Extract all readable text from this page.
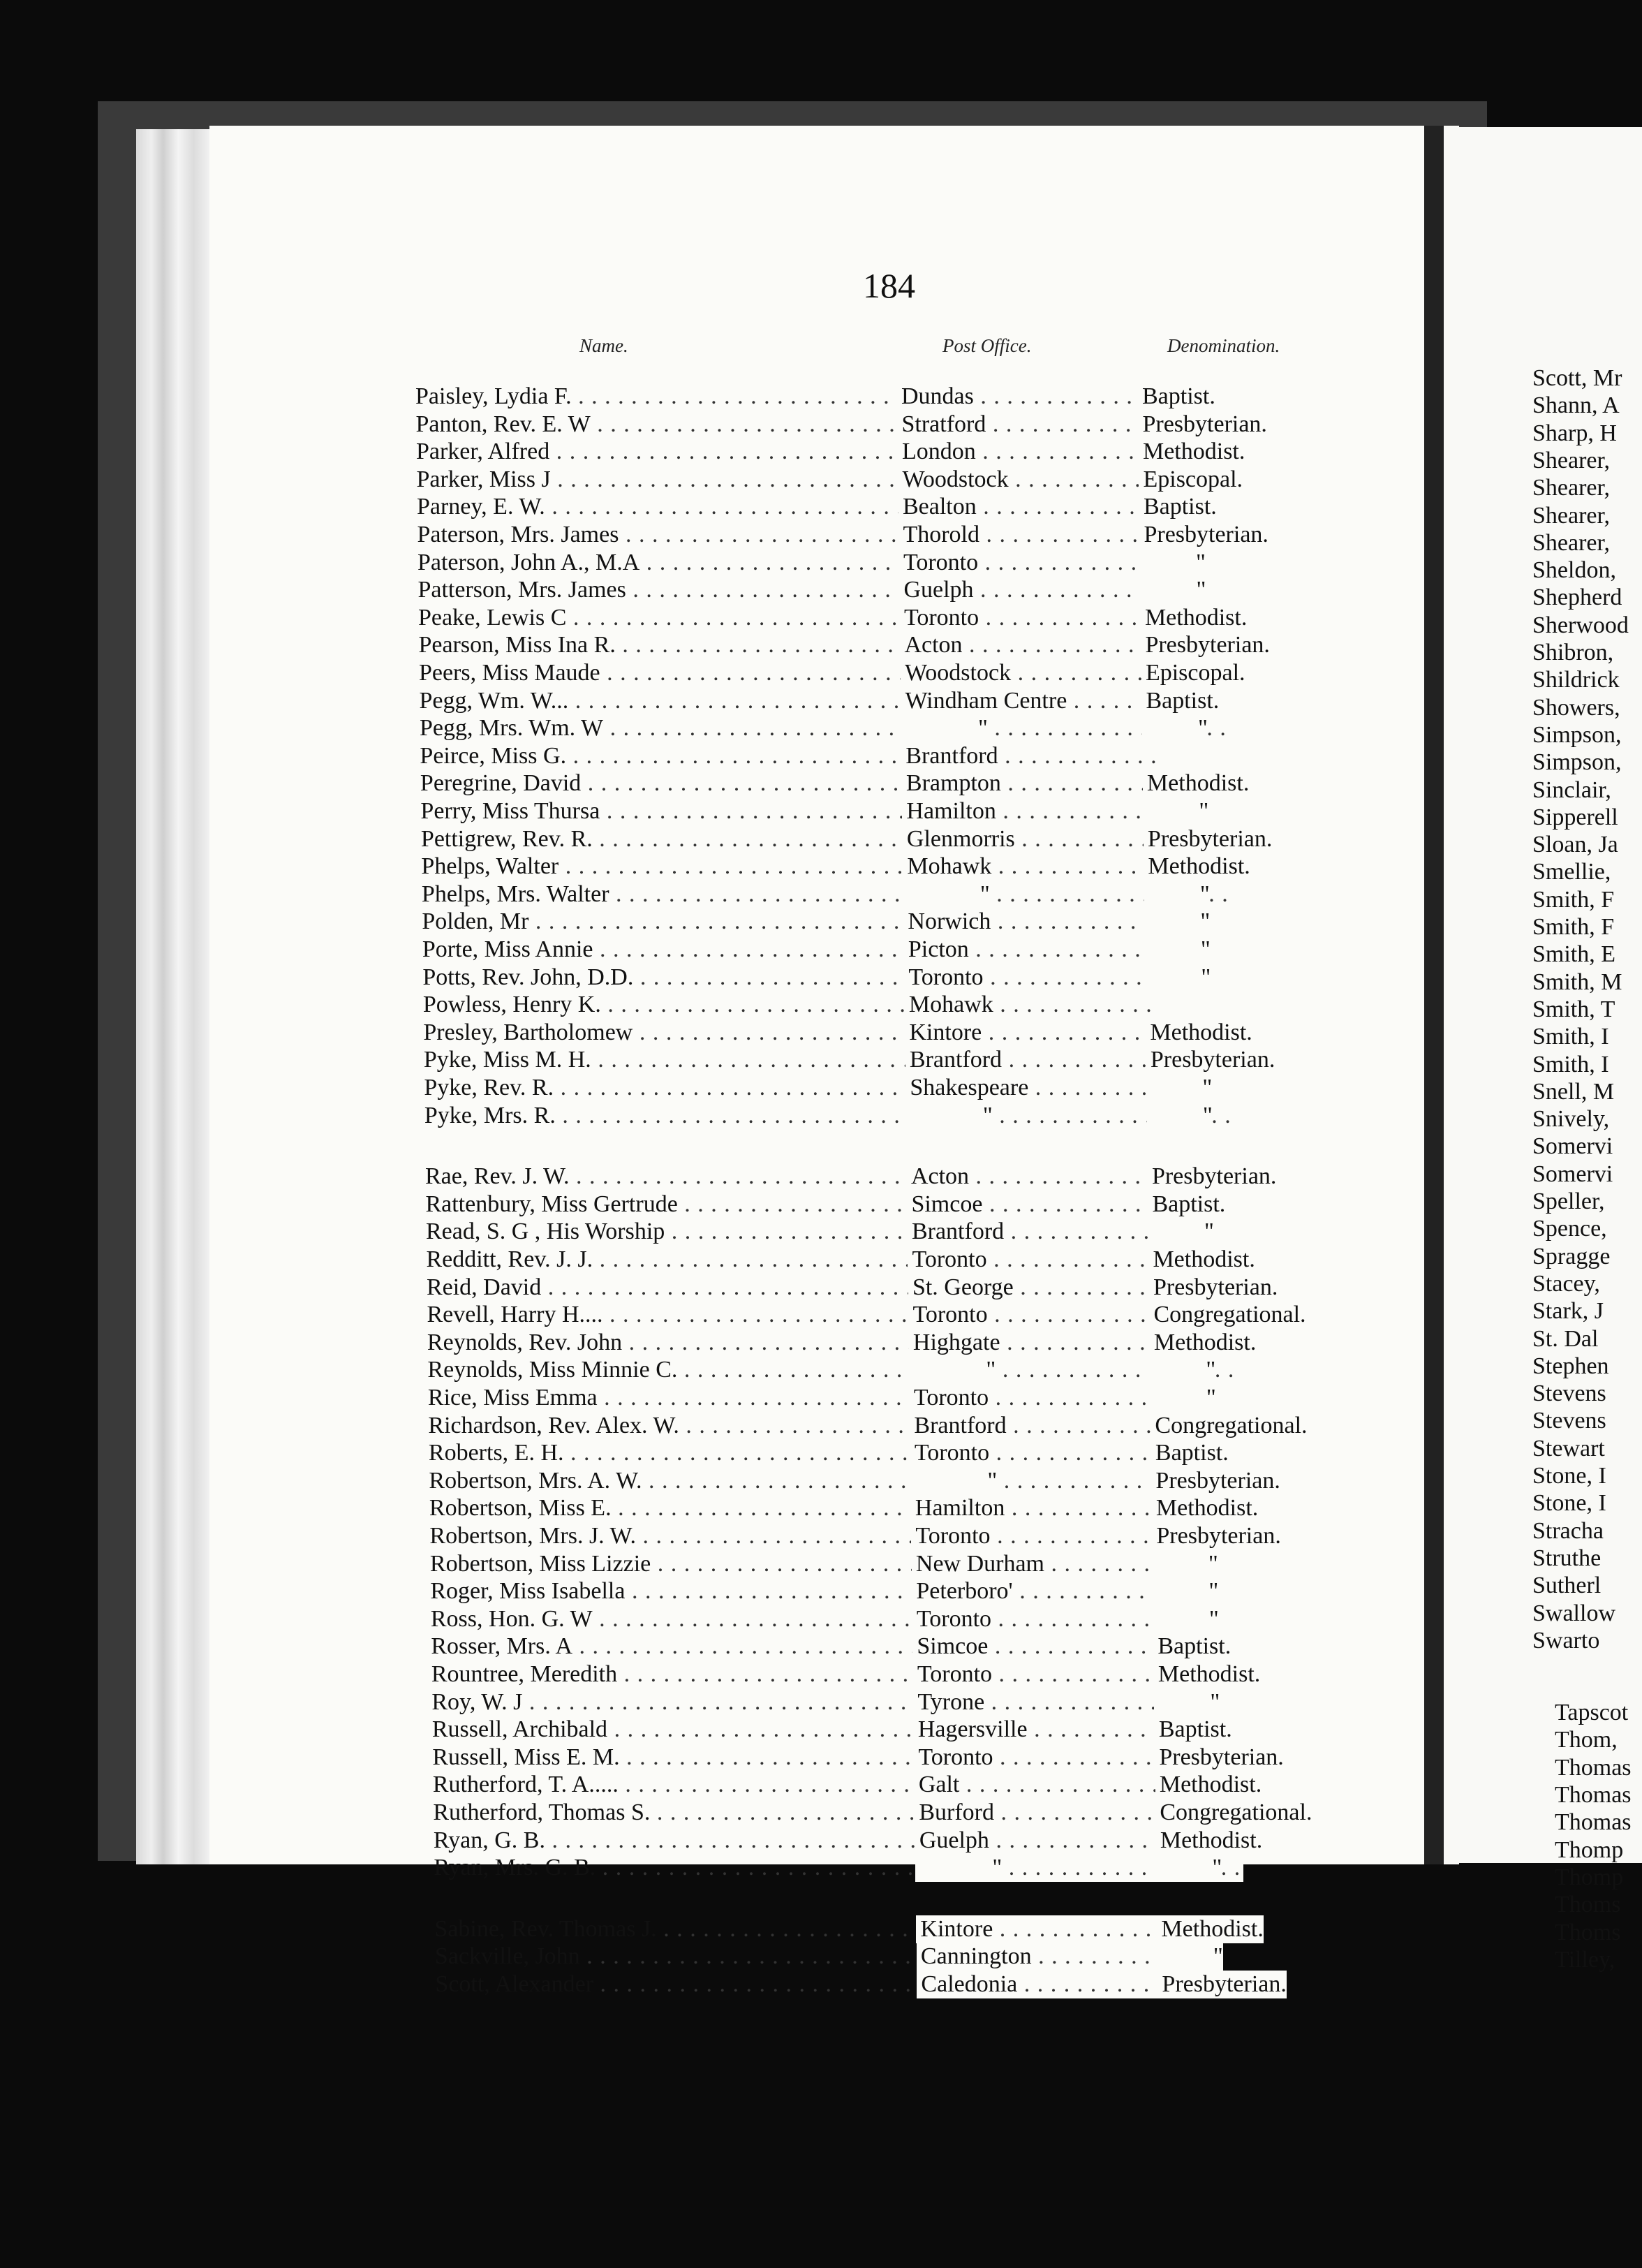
184
Name.	Post Office.	Denomination.
Paisley, Lydia F. . . .	Dundas . . .	Baptist.
Panton, Rev. E. W . . .	Stratford . . .	Presbyterian.
Parker, Alfred . . .	London . . .	Methodist.
Parker, Miss J . . .	Woodstock . . .	Episcopal.
Parney, E. W. . . .	Bealton . . .	Baptist.
Paterson, Mrs. James . . .	Thorold . . .	Presbyterian.
Paterson, John A., M.A . . .	Toronto . . .	"
Patterson, Mrs. James . . .	Guelph . . .	"
Peake, Lewis C . . .	Toronto . . .	Methodist.
Pearson, Miss Ina R. . . .	Acton . . .	Presbyterian.
Peers, Miss Maude . . .	Woodstock . . .	Episcopal.
Pegg, Wm. W... . . .	Windham Centre . . .	Baptist.
Pegg, Mrs. Wm. W . . .	" . . .	"
Peirce, Miss G. . . .	Brantford . . .
Peregrine, David . . .	Brampton . . .	Methodist.
Perry, Miss Thursa . . .	Hamilton . . .	"
Pettigrew, Rev. R. . . .	Glenmorris . . .	Presbyterian.
Phelps, Walter . . .	Mohawk . . .	Methodist.
Phelps, Mrs. Walter . . .	" . . .	"
Polden, Mr . . .	Norwich . . .	"
Porte, Miss Annie . . .	Picton . . .	"
Potts, Rev. John, D.D. . . .	Toronto . . .	"
Powless, Henry K. . . .	Mohawk . . .
Presley, Bartholomew . . .	Kintore . . .	Methodist.
Pyke, Miss M. H. . . .	Brantford . . .	Presbyterian.
Pyke, Rev. R. . . .	Shakespeare . . .	"
Pyke, Mrs. R. . . .	" . . .	"
Rae, Rev. J. W. . . .	Acton . . .	Presbyterian.
Rattenbury, Miss Gertrude . . .	Simcoe . . .	Baptist.
Read, S. G , His Worship . . .	Brantford . . .	"
Redditt, Rev. J. J. . . .	Toronto . . .	Methodist.
Reid, David . . .	St. George . . .	Presbyterian.
Revell, Harry H.... . . .	Toronto . . .	Congregational.
Reynolds, Rev. John . . .	Highgate . . .	Methodist.
Reynolds, Miss Minnie C. . . .	" . . .	"
Rice, Miss Emma . . .	Toronto . . .	"
Richardson, Rev. Alex. W. . . .	Brantford . . .	Congregational.
Roberts, E. H. . . .	Toronto . . .	Baptist.
Robertson, Mrs. A. W. . . .	" . . .	Presbyterian.
Robertson, Miss E. . . .	Hamilton . . .	Methodist.
Robertson, Mrs. J. W. . . .	Toronto . . .	Presbyterian.
Robertson, Miss Lizzie . . .	New Durham . . .	"
Roger, Miss Isabella . . .	Peterboro' . . .	"
Ross, Hon. G. W . . .	Toronto . . .	"
Rosser, Mrs. A . . .	Simcoe . . .	Baptist.
Rountree, Meredith . . .	Toronto . . .	Methodist.
Roy, W. J . . .	Tyrone . . .	"
Russell, Archibald . . .	Hagersville . . .	Baptist.
Russell, Miss E. M. . . .	Toronto . . .	Presbyterian.
Rutherford, T. A..... . . .	Galt . . .	Methodist.
Rutherford, Thomas S. . . .	Burford . . .	Congregational.
Ryan, G. B. . . .	Guelph . . .	Methodist.
Ryan, Mrs. G. B. . . .	" . . .	"
Sabine, Rev. Thomas J. . . .	Kintore . . .	Methodist.
Sackville, John . . .	Cannington . . .	"
Scott, Alexander . . .	Caledonia . . .	Presbyterian.
Scott, Mr
Shann, A
Sharp, H
Shearer,
Shearer,
Shearer,
Shearer,
Sheldon,
Shepherd
Sherwood
Shibron,
Shildrick
Showers,
Simpson,
Simpson,
Sinclair,
Sipperell
Sloan, Ja
Smellie,
Smith, F
Smith, F
Smith, E
Smith, M
Smith, T
Smith, I
Smith, I
Snell, M
Snively,
Somervi
Somervi
Speller,
Spence,
Spragge
Stacey,
Stark, J
St. Dal
Stephen
Stevens
Stevens
Stewart
Stone, I
Stone, I
Stracha
Struthe
Sutherl
Swallow
Swarto
Tapscot
Thom,
Thomas
Thomas
Thomas
Thomp
Thomp
Thoms
Thoms
Tilley,
